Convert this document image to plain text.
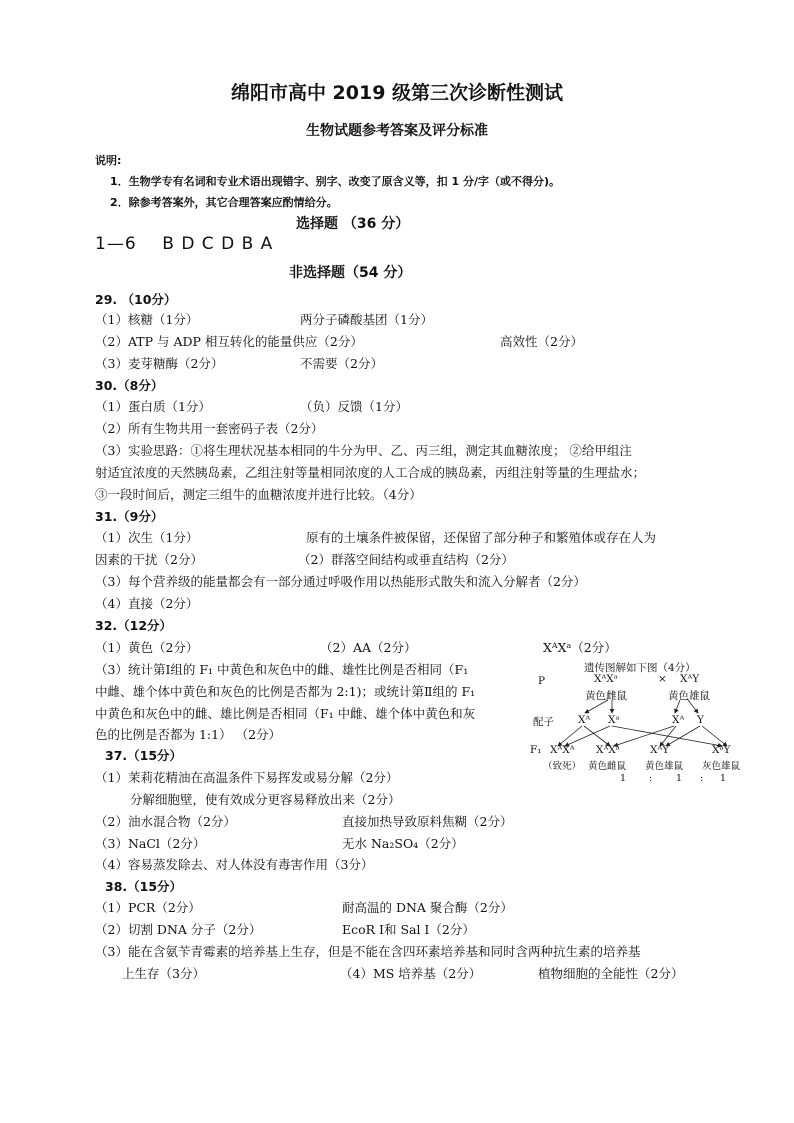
绵阳市高中 2019 级第三次诊断性测试
生物试题参考答案及评分标准
说明:
1．生物学专有名词和专业术语出现错字、别字、改变了原含义等，扣 1 分/字（或不得分)。
2．除参考答案外，其它合理答案应酌情给分。
选择题 （36 分）
1—6    B D C D B A
非选择题（54 分）
29. （10分）
（1）核糖（1分）	两分子磷酸基团（1分）
（2）ATP 与 ADP 相互转化的能量供应（2分）	高效性（2分）
（3）麦芽糖酶（2分）	不需要（2分）
30.（8分）
（1）蛋白质（1分）	（负）反馈（1分）
（2）所有生物共用一套密码子表（2分）
（3）实验思路：①将生理状况基本相同的牛分为甲、乙、丙三组，测定其血糖浓度； ②给甲组注
射适宜浓度的天然胰岛素，乙组注射等量相同浓度的人工合成的胰岛素，丙组注射等量的生理盐水；
③一段时间后，测定三组牛的血糖浓度并进行比较。（4分）
31.（9分）
（1）次生（1分）	原有的土壤条件被保留，还保留了部分种子和繁殖体或存在人为
因素的干扰（2分）	（2）群落空间结构或垂直结构（2分）
（3）每个营养级的能量都会有一部分通过呼吸作用以热能形式散失和流入分解者（2分）
（4）直接（2分）
32.（12分）
（1）黄色（2分）	（2）AA（2分）	XᴬXᵃ（2分）
（3）统计第Ⅰ组的 F₁ 中黄色和灰色中的雌、雄性比例是否相同（F₁
中雌、雄个体中黄色和灰色的比例是否都为 2:1)；或统计第Ⅱ组的 F₁
中黄色和灰色中的雌、雄比例是否相同（F₁ 中雌、雄个体中黄色和灰
色的比例是否都为 1:1） （2分）
遗传图解如下图（4分）
P	XᴬXᵃ	× XᴬY
黄色雌鼠	黄色雄鼠
配子 Xᴬ Xᵃ	Xᴬ Y
F₁ XᴬXᴬ XᴬXᵃ	XᴬY	XᵃY
（致死） 黄色雌鼠 黄色雄鼠 灰色雄鼠
1 :	1 : 1
37.（15分）
（1）茉莉花精油在高温条件下易挥发或易分解（2分）
分解细胞壁，使有效成分更容易释放出来（2分）
（2）油水混合物（2分）	直接加热导致原料焦糊（2分）
（3）NaCl（2分）	无水 Na₂SO₄（2分）
（4）容易蒸发除去、对人体没有毒害作用（3分）
38.（15分）
（1）PCR（2分）	耐高温的 DNA 聚合酶（2分）
（2）切割 DNA 分子（2分）	EcoR Ⅰ和 Sal Ⅰ（2分）
（3）能在含氨苄青霉素的培养基上生存，但是不能在含四环素培养基和同时含两种抗生素的培养基
上生存（3分）	（4）MS 培养基（2分）	植物细胞的全能性（2分）
